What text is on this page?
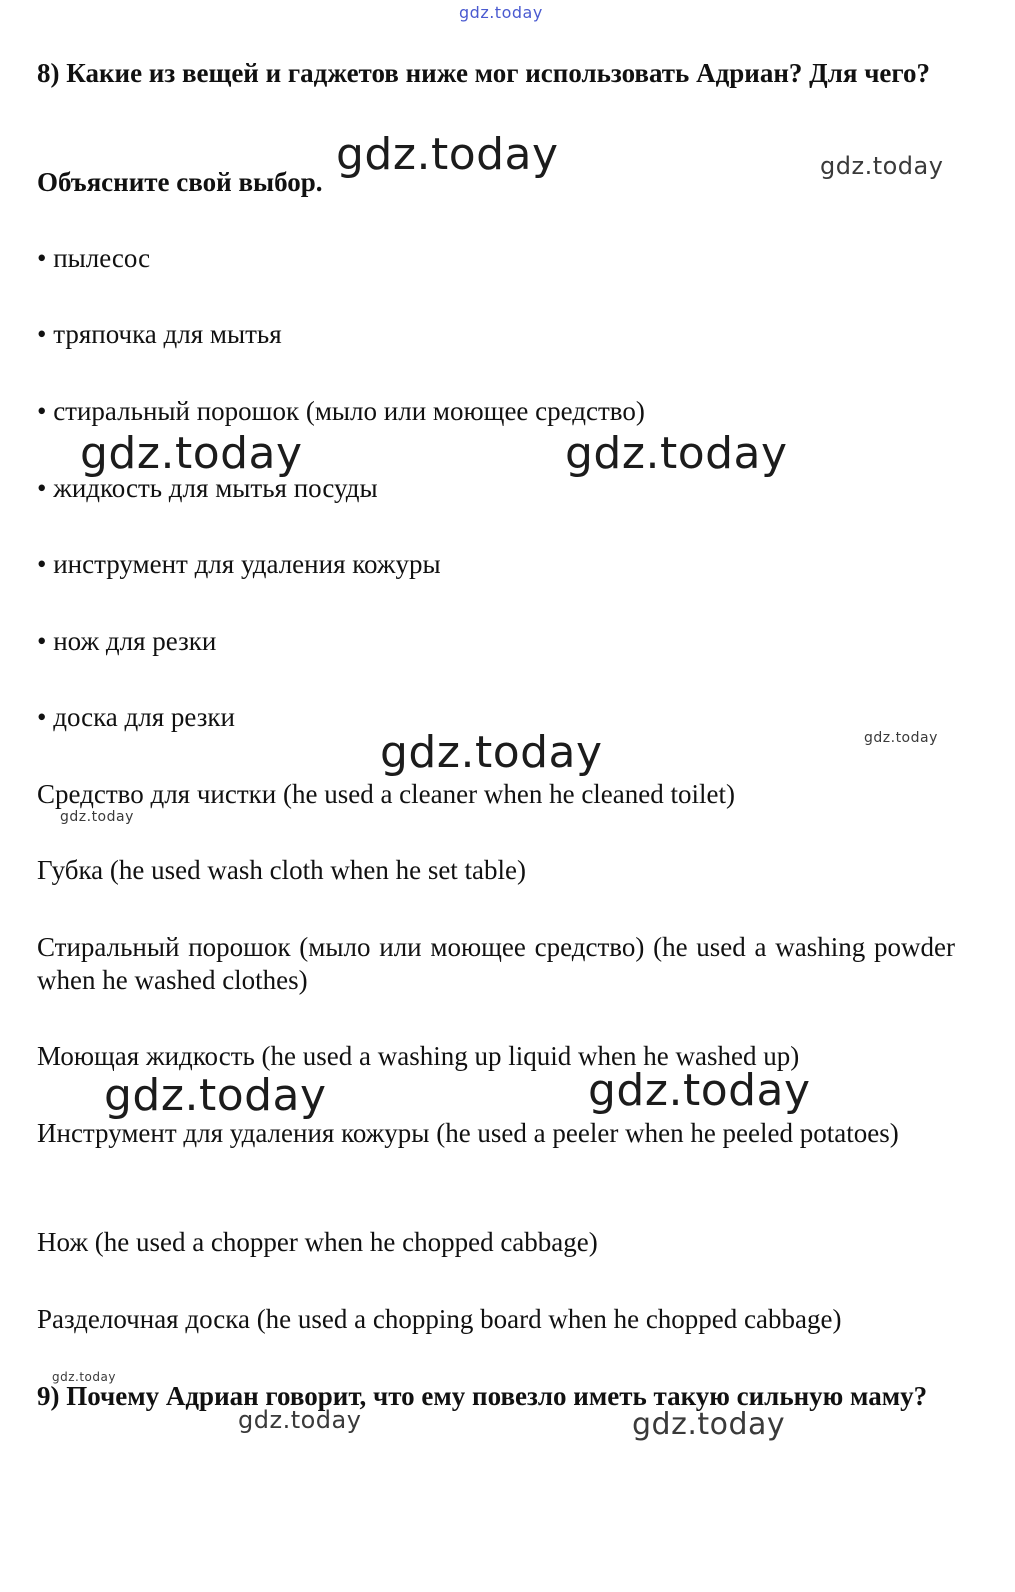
gdz.today
gdz.today	gdz.today
gdz.today	gdz.today
gdz.today	gdz.today
gdz.today
gdz.today	gdz.today
gdz.today
gdz.today	gdz.today
8) Какие из вещей и гаджетов ниже мог использовать Адриан? Для чего?
Объясните свой выбор.
• пылесос
• тряпочка для мытья
• стиральный порошок (мыло или моющее средство)
• жидкость для мытья посуды
• инструмент для удаления кожуры
• нож для резки
• доска для резки
Средство для чистки (he used a cleaner when he cleaned toilet)
Губка (he used wash cloth when he set table)
Стиральный порошок (мыло или моющее средство) (he used a washing powder when he washed clothes)
Моющая жидкость (he used a washing up liquid when he washed up)
Инструмент для удаления кожуры (he used a peeler when he peeled potatoes)
Нож (he used a chopper when he chopped cabbage)
Разделочная доска (he used a chopping board when he chopped cabbage)
9) Почему Адриан говорит, что ему повезло иметь такую сильную маму?
